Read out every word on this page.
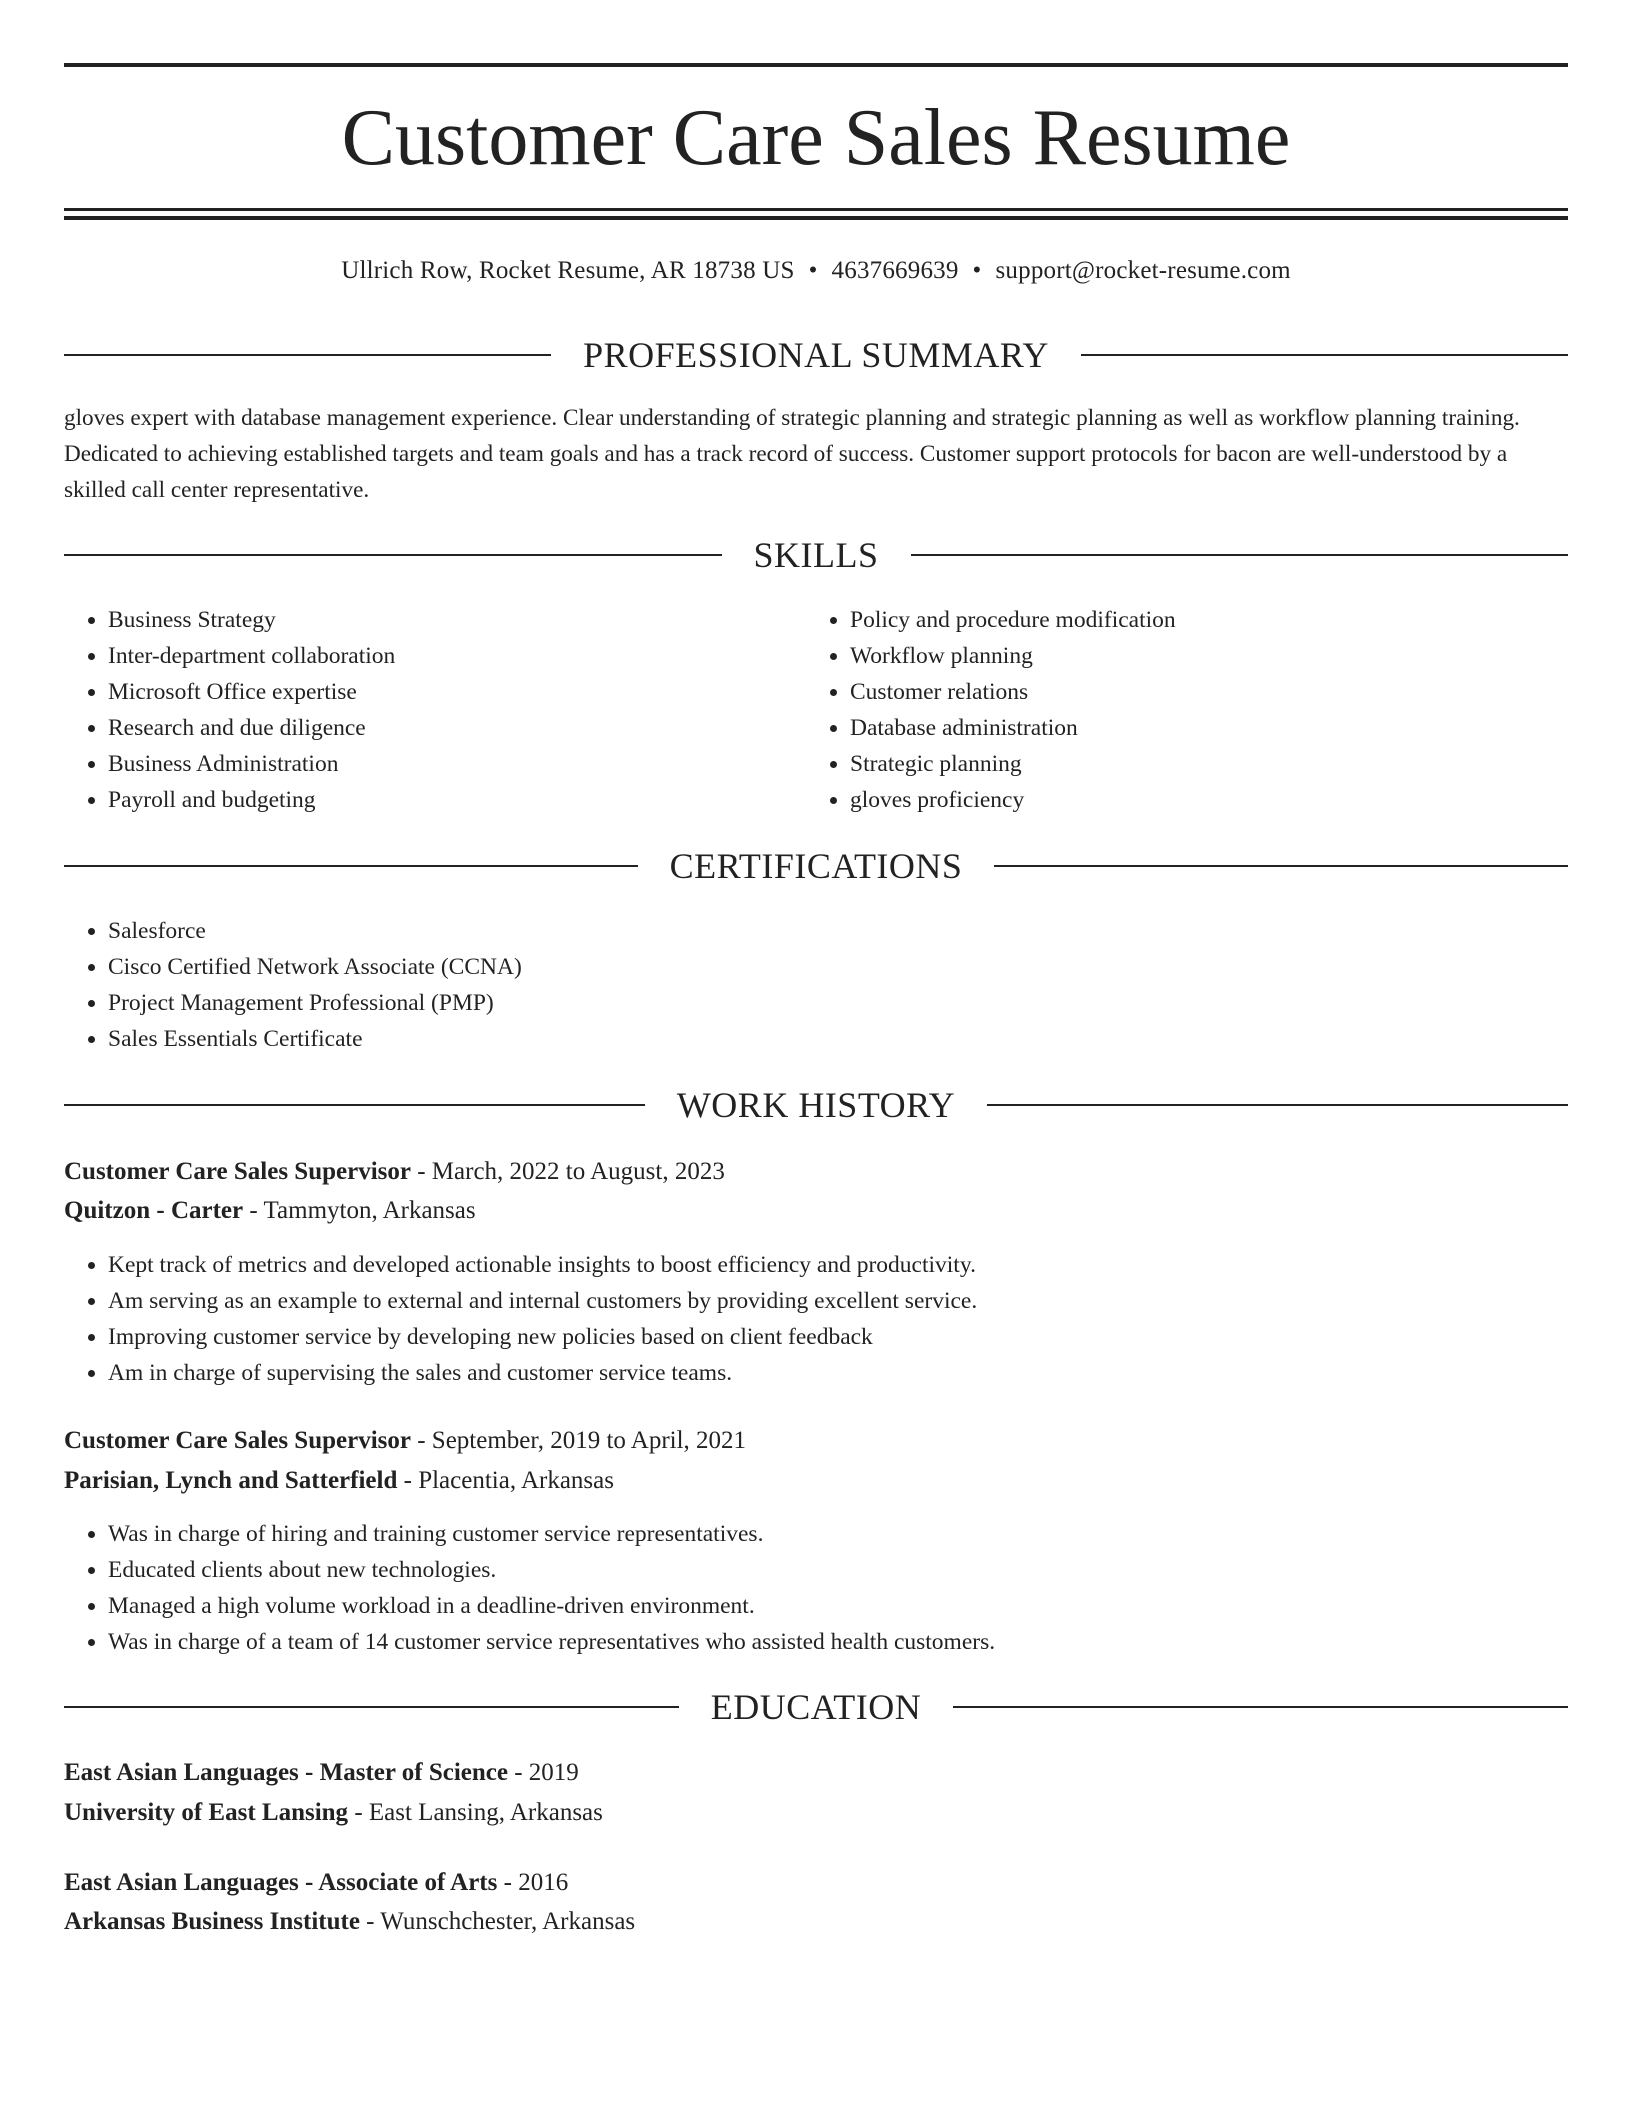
Customer Care Sales Resume
Ullrich Row, Rocket Resume, AR 18738 US • 4637669639 • support@rocket-resume.com
PROFESSIONAL SUMMARY

gloves expert with database management experience. Clear understanding of strategic planning and strategic planning as well as workflow planning training. Dedicated to achieving established targets and team goals and has a track record of success. Customer support protocols for bacon are well-understood by a skilled call center representative.

SKILLS
• Business Strategy
• Inter-department collaboration
• Microsoft Office expertise
• Research and due diligence
• Business Administration
• Payroll and budgeting
• Policy and procedure modification
• Workflow planning
• Customer relations
• Database administration
• Strategic planning
• gloves proficiency
CERTIFICATIONS
• Salesforce
• Cisco Certified Network Associate (CCNA)
• Project Management Professional (PMP)
• Sales Essentials Certificate
WORK HISTORY
Customer Care Sales Supervisor - March, 2022 to August, 2023
Quitzon - Carter - Tammyton, Arkansas
• Kept track of metrics and developed actionable insights to boost efficiency and productivity.
• Am serving as an example to external and internal customers by providing excellent service.
• Improving customer service by developing new policies based on client feedback
• Am in charge of supervising the sales and customer service teams.
Customer Care Sales Supervisor - September, 2019 to April, 2021
Parisian, Lynch and Satterfield - Placentia, Arkansas
• Was in charge of hiring and training customer service representatives.
• Educated clients about new technologies.
• Managed a high volume workload in a deadline-driven environment.
• Was in charge of a team of 14 customer service representatives who assisted health customers.
EDUCATION
East Asian Languages - Master of Science - 2019
University of East Lansing - East Lansing, Arkansas
East Asian Languages - Associate of Arts - 2016
Arkansas Business Institute - Wunschchester, Arkansas
